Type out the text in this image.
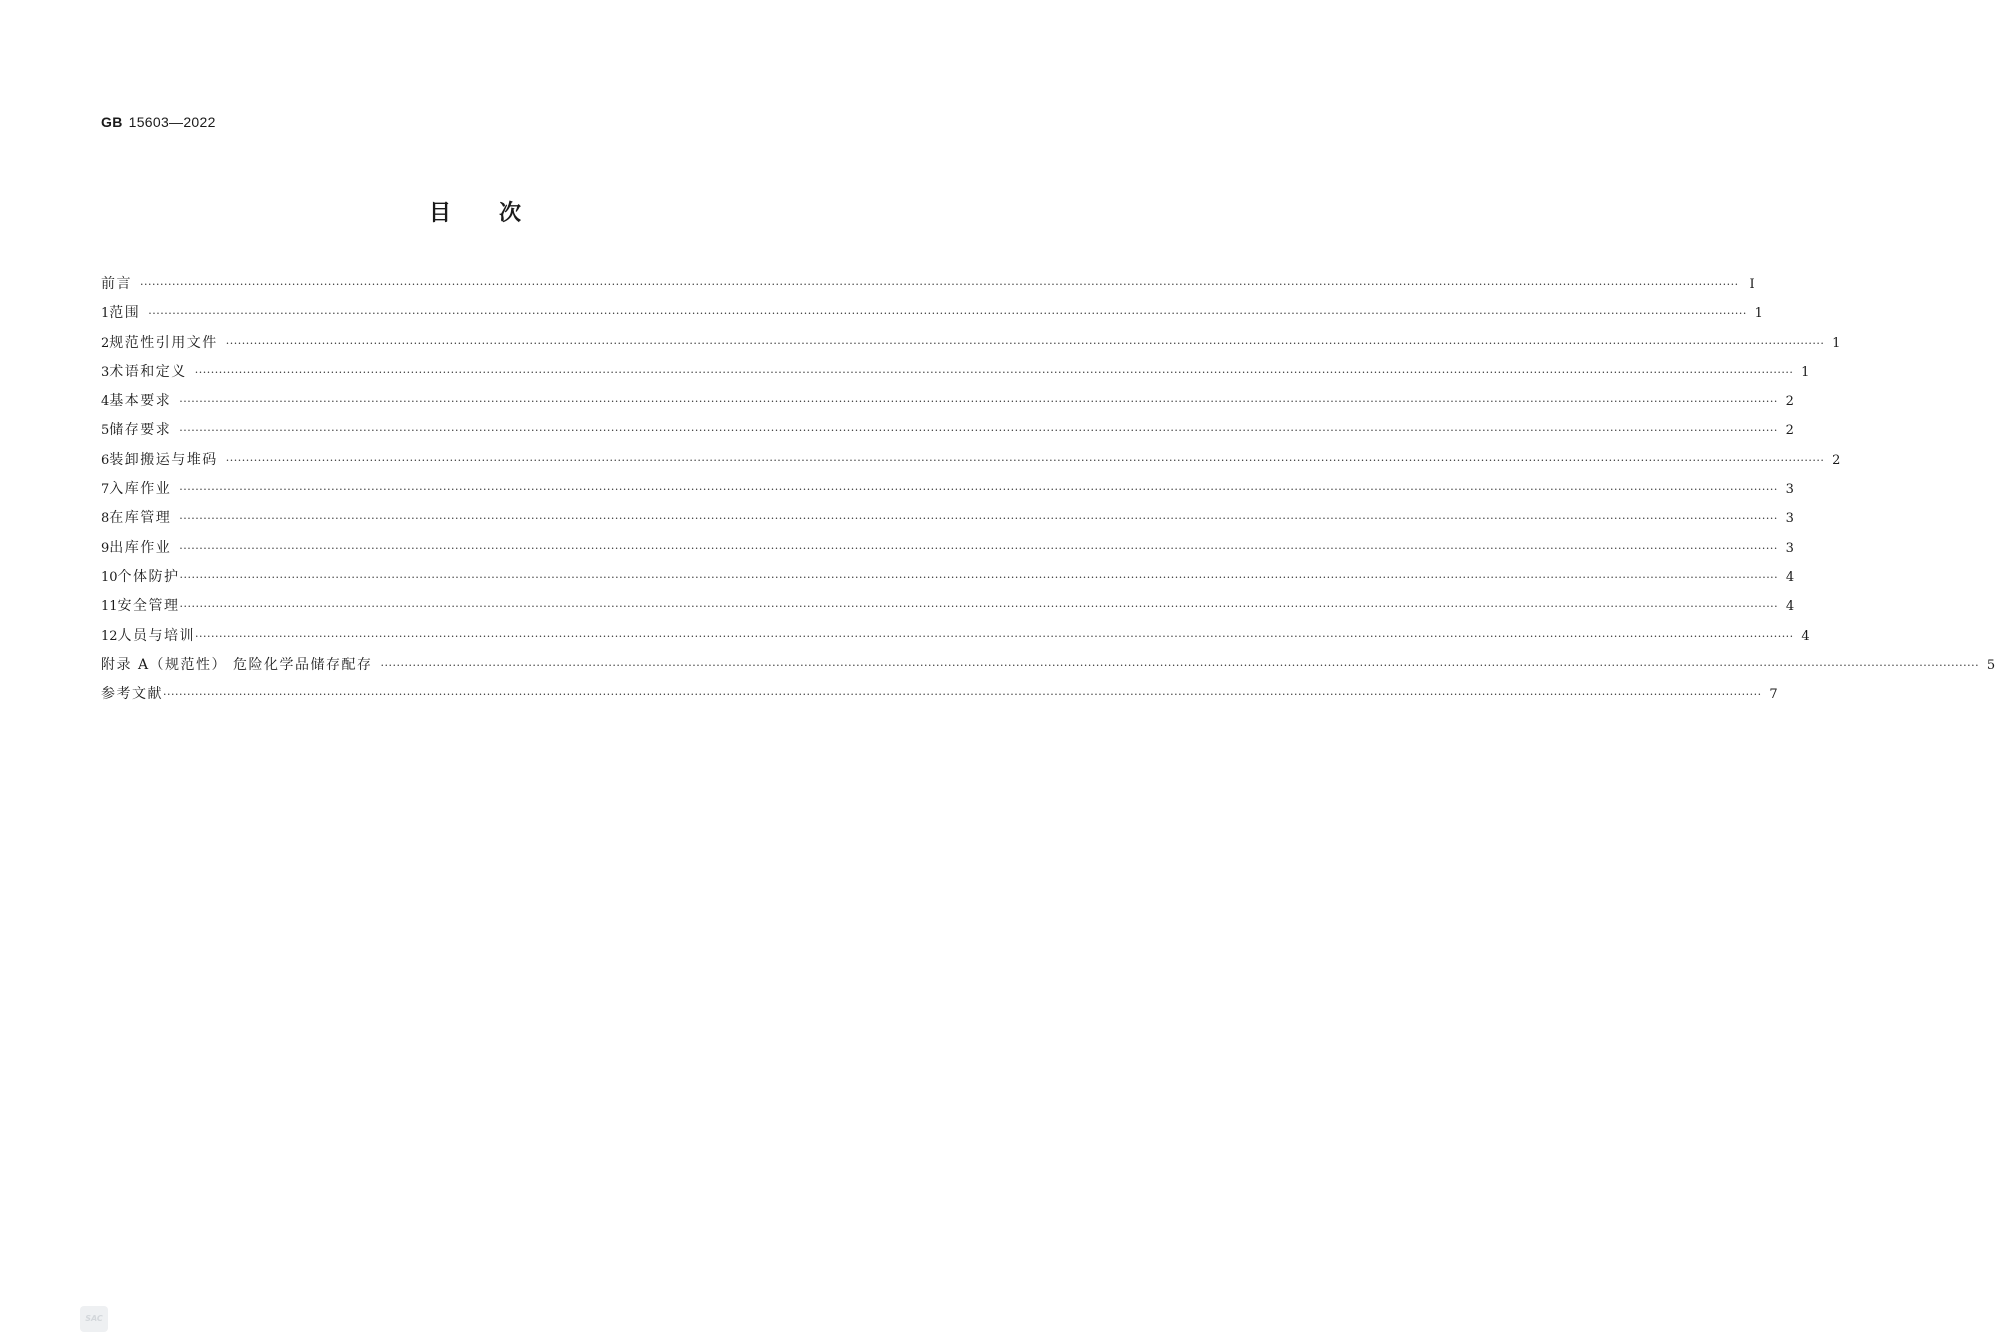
GB 15603—2022
目次
前言 ················································································································································································································································································································································································································ I
1 范围 ················································································································································································································································································································································································································ 1
2 规范性引用文件 ················································································································································································································································································································································································································ 1
3 术语和定义 ················································································································································································································································································································································································································ 1
4 基本要求 ················································································································································································································································································································································································································ 2
5 储存要求 ················································································································································································································································································································································································································ 2
6 装卸搬运与堆码 ················································································································································································································································································································································································································ 2
7 入库作业 ················································································································································································································································································································································································································ 3
8 在库管理 ················································································································································································································································································································································································································ 3
9 出库作业 ················································································································································································································································································································································································································ 3
10 个体防护 ················································································································································································································································································································································································································ 4
11 安全管理 ················································································································································································································································································································································································································ 4
12 人员与培训 ················································································································································································································································································································································································································ 4
附录 A（规范性） 危险化学品储存配存 ················································································································································································································································································································································································································ 5
参考文献 ················································································································································································································································································································································································································ 7
SAC
